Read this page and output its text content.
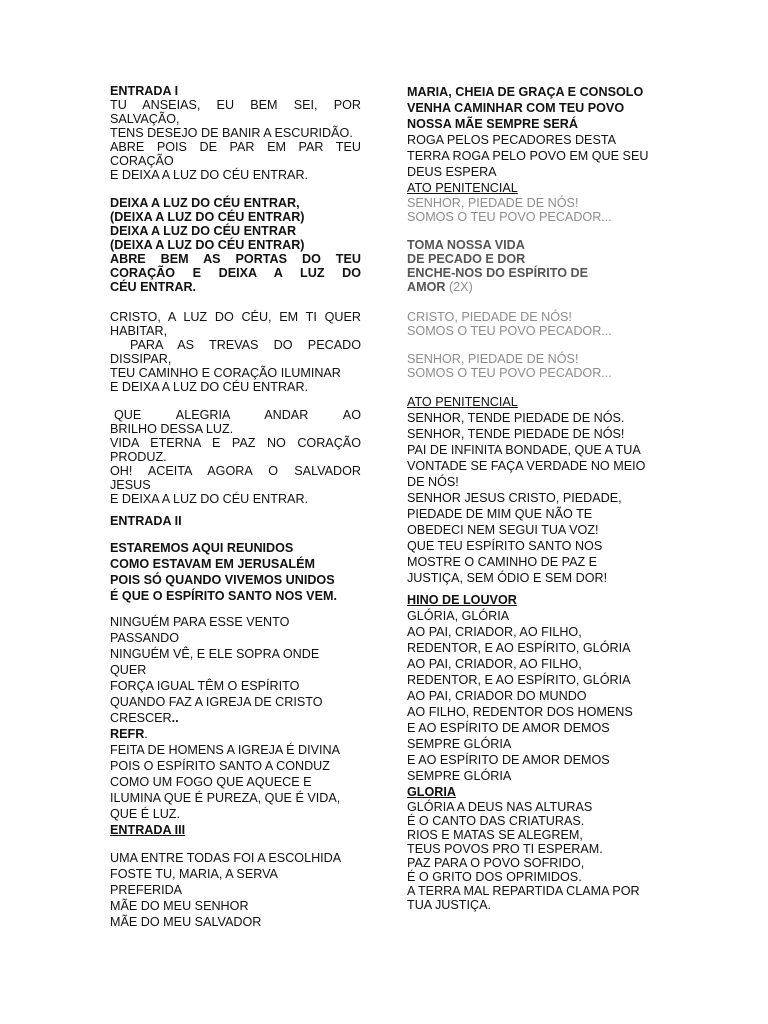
ENTRADA I
TU ANSEIAS, EU BEM SEI, POR
SALVAÇÃO,
TENS DESEJO DE BANIR A ESCURIDÃO.
ABRE POIS DE PAR EM PAR TEU
CORAÇÃO
E DEIXA A LUZ DO CÉU ENTRAR.
DEIXA A LUZ DO CÉU ENTRAR,
(DEIXA A LUZ DO CÉU ENTRAR)
DEIXA A LUZ DO CÉU ENTRAR
(DEIXA A LUZ DO CÉU ENTRAR)
ABRE BEM AS PORTAS DO TEU
CORAÇÃO E DEIXA A LUZ DO
CÉU ENTRAR.
CRISTO, A LUZ DO CÉU, EM TI QUER
HABITAR,
PARA AS TREVAS DO PECADO
DISSIPAR,
TEU CAMINHO E CORAÇÃO ILUMINAR
E DEIXA A LUZ DO CÉU ENTRAR.
QUE ALEGRIA ANDAR AO
BRILHO DESSA LUZ.
VIDA ETERNA E PAZ NO CORAÇÃO
PRODUZ.
OH! ACEITA AGORA O SALVADOR
JESUS
E DEIXA A LUZ DO CÉU ENTRAR.
ENTRADA II
ESTAREMOS AQUI REUNIDOS
COMO ESTAVAM EM JERUSALÉM
POIS SÓ QUANDO VIVEMOS UNIDOS
É QUE O ESPÍRITO SANTO NOS VEM.
NINGUÉM PARA ESSE VENTO
PASSANDO
NINGUÉM VÊ, E ELE SOPRA ONDE
QUER
FORÇA IGUAL TÊM O ESPÍRITO
QUANDO FAZ A IGREJA DE CRISTO
CRESCER..
REFR.
FEITA DE HOMENS A IGREJA É DIVINA
POIS O ESPÍRITO SANTO A CONDUZ
COMO UM FOGO QUE AQUECE E
ILUMINA QUE É PUREZA, QUE É VIDA,
QUE É LUZ.
ENTRADA III
UMA ENTRE TODAS FOI A ESCOLHIDA
FOSTE TU, MARIA, A SERVA
PREFERIDA
MÃE DO MEU SENHOR
MÃE DO MEU SALVADOR
MARIA, CHEIA DE GRAÇA E CONSOLO
VENHA CAMINHAR COM TEU POVO
NOSSA MÃE SEMPRE SERÁ
ROGA PELOS PECADORES DESTA
TERRA ROGA PELO POVO EM QUE SEU
DEUS ESPERA
ATO PENITENCIAL
SENHOR, PIEDADE DE NÓS!
SOMOS O TEU POVO PECADOR...
TOMA NOSSA VIDA
DE PECADO E DOR
ENCHE-NOS DO ESPÍRITO DE
AMOR (2X)
CRISTO, PIEDADE DE NÓS!
SOMOS O TEU POVO PECADOR...
SENHOR, PIEDADE DE NÓS!
SOMOS O TEU POVO PECADOR...
ATO PENITENCIAL
SENHOR, TENDE PIEDADE DE NÓS.
SENHOR, TENDE PIEDADE DE NÓS!
PAI DE INFINITA BONDADE, QUE A TUA
VONTADE SE FAÇA VERDADE NO MEIO
DE NÓS!
SENHOR JESUS CRISTO, PIEDADE,
PIEDADE DE MIM QUE NÃO TE
OBEDECI NEM SEGUI TUA VOZ!
QUE TEU ESPÍRITO SANTO NOS
MOSTRE O CAMINHO DE PAZ E
JUSTIÇA, SEM ÓDIO E SEM DOR!
HINO DE LOUVOR
GLÓRIA, GLÓRIA
AO PAI, CRIADOR, AO FILHO,
REDENTOR, E AO ESPÍRITO, GLÓRIA
AO PAI, CRIADOR, AO FILHO,
REDENTOR, E AO ESPÍRITO, GLÓRIA
AO PAI, CRIADOR DO MUNDO
AO FILHO, REDENTOR DOS HOMENS
E AO ESPÍRITO DE AMOR DEMOS
SEMPRE GLÓRIA
E AO ESPÍRITO DE AMOR DEMOS
SEMPRE GLÓRIA
GLORIA
GLÓRIA A DEUS NAS ALTURAS
É O CANTO DAS CRIATURAS.
RIOS E MATAS SE ALEGREM,
TEUS POVOS PRO TI ESPERAM.
PAZ PARA O POVO SOFRIDO,
É O GRITO DOS OPRIMIDOS.
A TERRA MAL REPARTIDA CLAMA POR
TUA JUSTIÇA.
